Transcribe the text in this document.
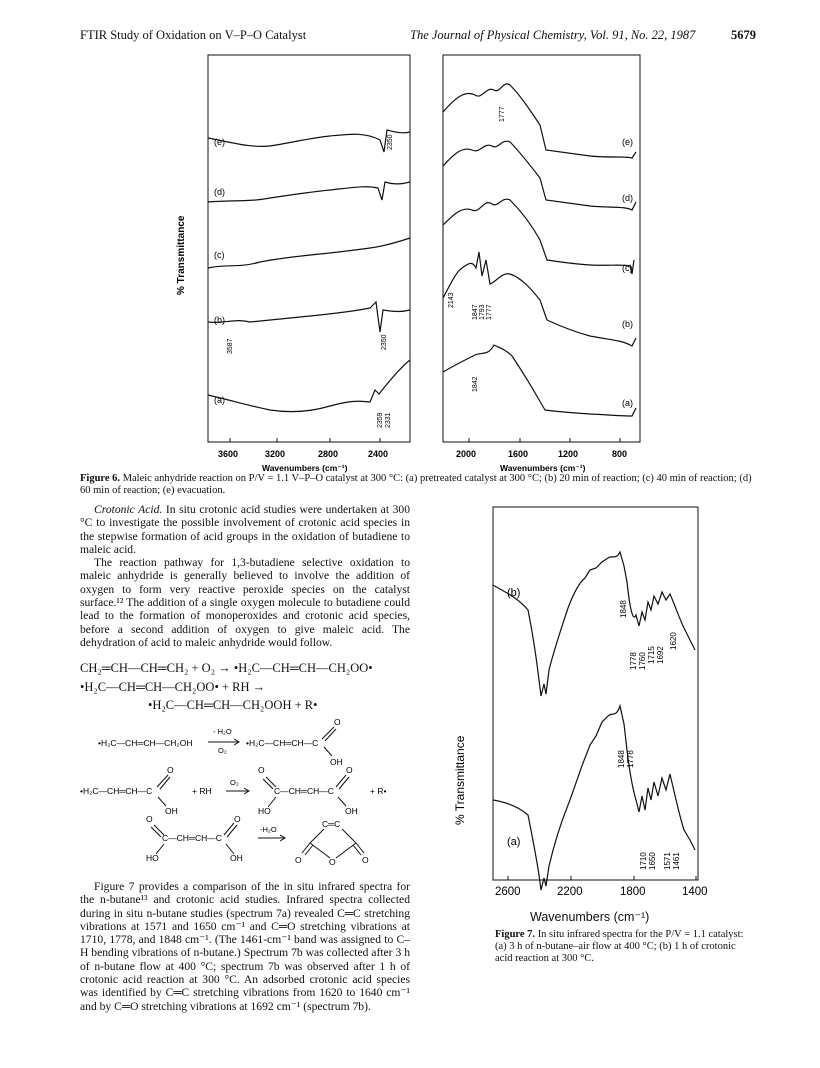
FTIR Study of Oxidation on V–P–O Catalyst	The Journal of Physical Chemistry, Vol. 91, No. 22, 1987	5679
% Transmittance
(e)
(d)
(c)
(b)
(a)
2350
3587	2350
2359 2331
3600	3200	2800	2400
Wavenumbers (cm⁻¹)
(e)
(d)
(c)
(b)
(a)
1777
2143
1847 1793 1777
1842
2000	1600	1200	800
Wavenumbers (cm⁻¹)
Figure 6. Maleic anhydride reaction on P/V = 1.1 V–P–O catalyst at 300 °C: (a) pretreated catalyst at 300 °C; (b) 20 min of reaction; (c) 40 min of reaction; (d) 60 min of reaction; (e) evacuation.

Crotonic Acid. In situ crotonic acid studies were undertaken at 300 °C to investigate the possible involvement of crotonic acid species in the stepwise formation of acid groups in the oxidation of butadiene to maleic acid.

The reaction pathway for 1,3-butadiene selective oxidation to maleic anhydride is generally believed to involve the addition of oxygen to form very reactive peroxide species on the catalyst surface.¹² The addition of a single oxygen molecule to butadiene could lead to the formation of monoperoxides and crotonic acid species, before a second addition of oxygen to give maleic acid. The dehydration of acid to maleic anhydride would follow.

CH₂═CH—CH═CH₂ + O₂ → •H₂C—CH═CH—CH₂OO•
•H₂C—CH═CH—CH₂OO• + RH →
•H₂C—CH═CH—CH₂OOH + R•
•H₂C—CH═CH—CH₂OH
- H₂O
O₂
•H₂C—CH═CH—C
O
OH
•H₂C—CH═CH—C
O
OH
+ RH
O₂
O
C—CH═CH—C
HO
O
OH
+ R•
O
C—CH═CH—C
HO
O
OH
-H₂O
C═C
O	O	O

Figure 7 provides a comparison of the in situ infrared spectra for the n-butane¹³ and crotonic acid studies. Infrared spectra collected during in situ n-butane studies (spectrum 7a) revealed C═C stretching vibrations at 1571 and 1650 cm⁻¹ and C═O stretching vibrations at 1710, 1778, and 1848 cm⁻¹. (The 1461-cm⁻¹ band was assigned to C–H bending vibrations of n-butane.) Spectrum 7b was collected after 3 h of n-butane flow at 400 °C; spectrum 7b was observed after 1 h of crotonic acid reaction at 300 °C. An adsorbed crotonic acid species was identified by C═C stretching vibrations from 1620 to 1640 cm⁻¹ and by C═O stretching vibrations at 1692 cm⁻¹ (spectrum 7b).

% Transmittance
(b)
(a)
1848
1778 1760 1715 1692
1620
1848 1778
1710 1650 1571 1461
2600	2200	1800	1400
Wavenumbers (cm⁻¹)
Figure 7. In situ infrared spectra for the P/V = 1.1 catalyst: (a) 3 h of n-butane–air flow at 400 °C; (b) 1 h of crotonic acid reaction at 300 °C.
